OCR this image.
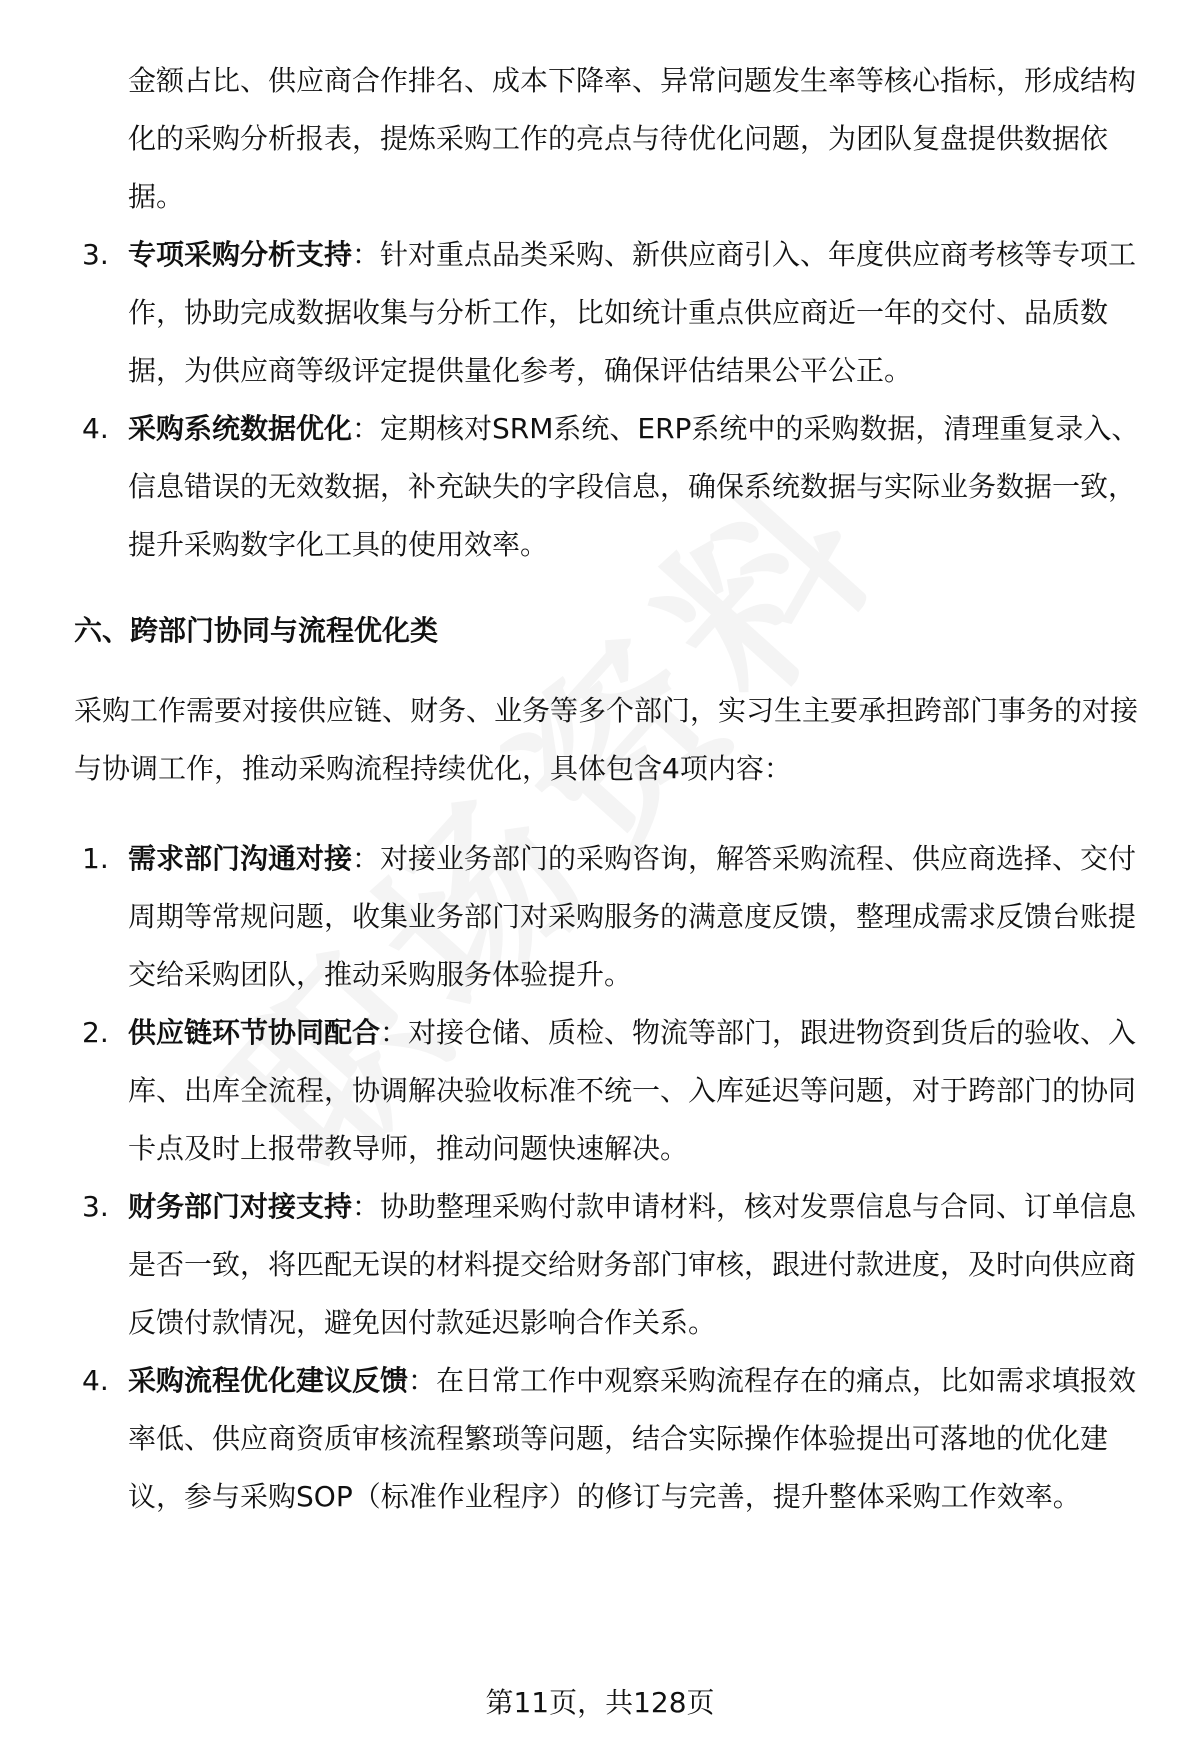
金额占比、供应商合作排名、成本下降率、异常问题发生率等核心指标，形成结构化的采购分析报表，提炼采购工作的亮点与待优化问题，为团队复盘提供数据依据。

3. 专项采购分析支持：针对重点品类采购、新供应商引入、年度供应商考核等专项工作，协助完成数据收集与分析工作，比如统计重点供应商近一年的交付、品质数据，为供应商等级评定提供量化参考，确保评估结果公平公正。
4. 采购系统数据优化：定期核对SRM系统、ERP系统中的采购数据，清理重复录入、信息错误的无效数据，补充缺失的字段信息，确保系统数据与实际业务数据一致，提升采购数字化工具的使用效率。
六、跨部门协同与流程优化类

采购工作需要对接供应链、财务、业务等多个部门，实习生主要承担跨部门事务的对接与协调工作，推动采购流程持续优化，具体包含4项内容：

1. 需求部门沟通对接：对接业务部门的采购咨询，解答采购流程、供应商选择、交付周期等常规问题，收集业务部门对采购服务的满意度反馈，整理成需求反馈台账提交给采购团队，推动采购服务体验提升。
2. 供应链环节协同配合：对接仓储、质检、物流等部门，跟进物资到货后的验收、入库、出库全流程，协调解决验收标准不统一、入库延迟等问题，对于跨部门的协同卡点及时上报带教导师，推动问题快速解决。
3. 财务部门对接支持：协助整理采购付款申请材料，核对发票信息与合同、订单信息是否一致，将匹配无误的材料提交给财务部门审核，跟进付款进度，及时向供应商反馈付款情况，避免因付款延迟影响合作关系。
4. 采购流程优化建议反馈：在日常工作中观察采购流程存在的痛点，比如需求填报效率低、供应商资质审核流程繁琐等问题，结合实际操作体验提出可落地的优化建议，参与采购SOP（标准作业程序）的修订与完善，提升整体采购工作效率。
第11页，共128页
